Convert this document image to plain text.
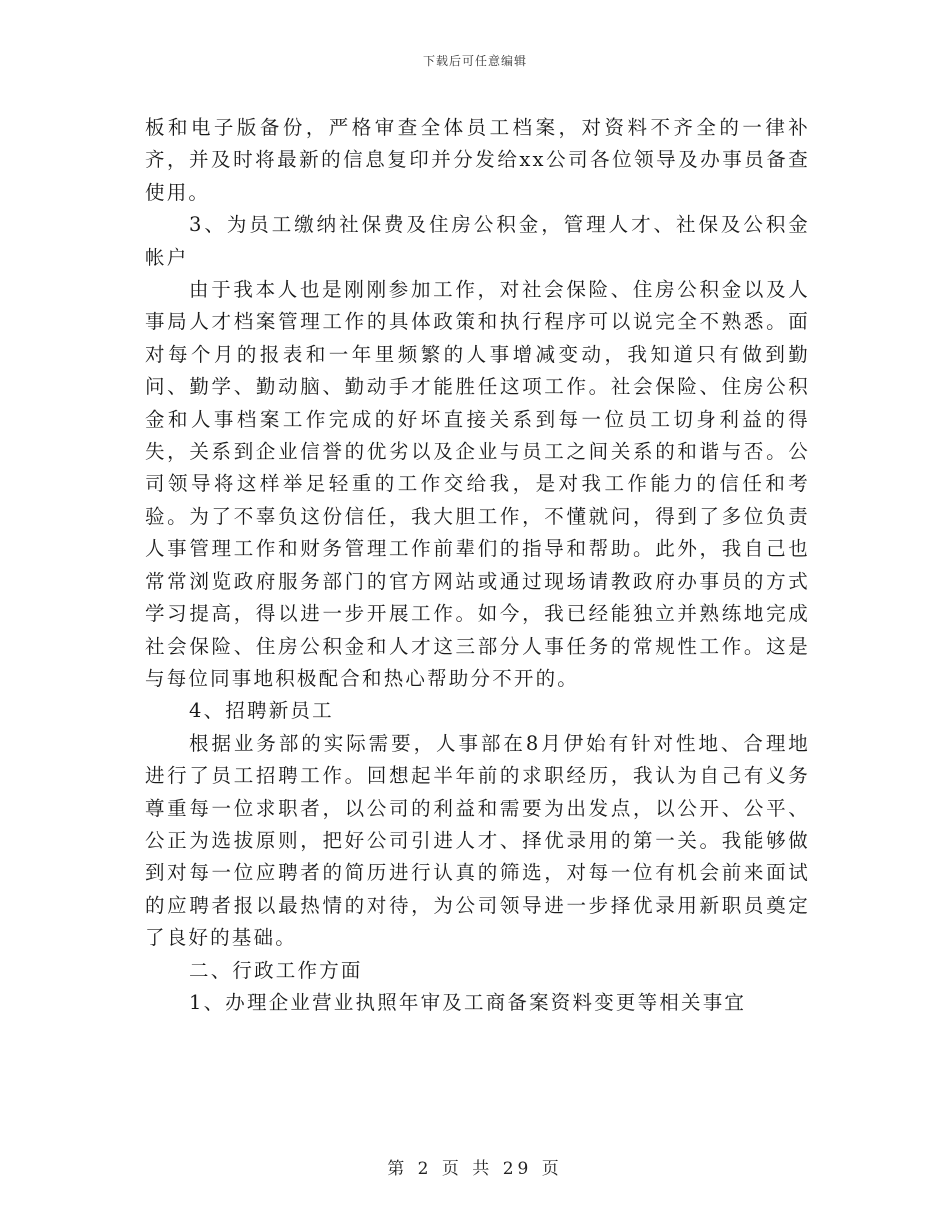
下载后可任意编辑

板和电子版备份，严格审查全体员工档案，对资料不齐全的一律补齐，并及时将最新的信息复印并分发给xx公司各位领导及办事员备查使用。

3、为员工缴纳社保费及住房公积金，管理人才、社保及公积金帐户

由于我本人也是刚刚参加工作，对社会保险、住房公积金以及人事局人才档案管理工作的具体政策和执行程序可以说完全不熟悉。面对每个月的报表和一年里频繁的人事增减变动，我知道只有做到勤问、勤学、勤动脑、勤动手才能胜任这项工作。社会保险、住房公积金和人事档案工作完成的好坏直接关系到每一位员工切身利益的得失，关系到企业信誉的优劣以及企业与员工之间关系的和谐与否。公司领导将这样举足轻重的工作交给我，是对我工作能力的信任和考验。为了不辜负这份信任，我大胆工作，不懂就问，得到了多位负责人事管理工作和财务管理工作前辈们的指导和帮助。此外，我自己也常常浏览政府服务部门的官方网站或通过现场请教政府办事员的方式学习提高，得以进一步开展工作。如今，我已经能独立并熟练地完成社会保险、住房公积金和人才这三部分人事任务的常规性工作。这是与每位同事地积极配合和热心帮助分不开的。

4、招聘新员工

根据业务部的实际需要，人事部在8月伊始有针对性地、合理地进行了员工招聘工作。回想起半年前的求职经历，我认为自己有义务尊重每一位求职者，以公司的利益和需要为出发点，以公开、公平、公正为选拔原则，把好公司引进人才、择优录用的第一关。我能够做到对每一位应聘者的简历进行认真的筛选，对每一位有机会前来面试的应聘者报以最热情的对待，为公司领导进一步择优录用新职员奠定了良好的基础。

二、行政工作方面

1、办理企业营业执照年审及工商备案资料变更等相关事宜

第 2 页 共 29 页
